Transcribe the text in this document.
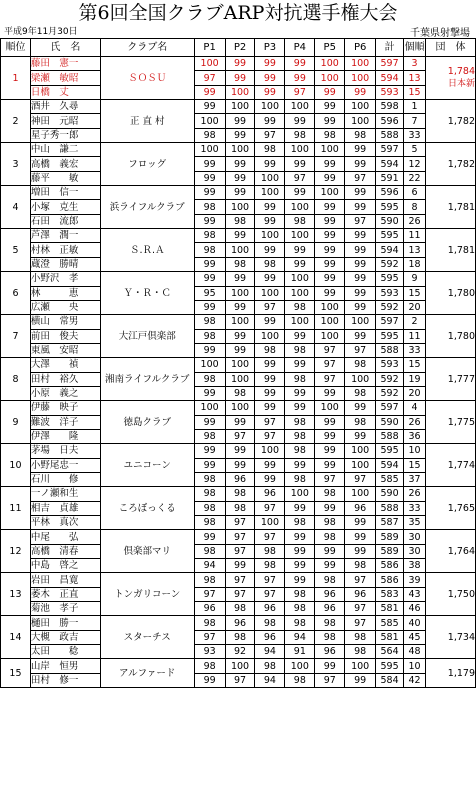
第6回全国クラブARP対抗選手権大会
平成9年11月30日	千葉県射撃場
順位	氏　名	クラブ名	P1	P2	P3	P4	P5	P6	計	個順	団　体
1	藤田　憲一	ＳＯＳＵ	100	99	99	99	100	100	597	3	1,784
日本新

	梁瀬　敏昭		97	99	99	99	100	100	594	13	
	日橋　丈		99	100	99	97	99	99	593	15	
2	酒井　久尋	正 直 村	99	100	100	100	99	100	598	1	1,782
	神田　元昭		100	99	99	99	99	100	596	7	
	星子秀一郎		98	99	97	98	98	98	588	33	
3	中山　謙二	フロッグ	100	100	98	100	100	99	597	5	1,782
	高橋　義宏		99	99	99	99	99	99	594	12	
	藤平　　敏		99	99	100	97	99	97	591	22	
4	増田　信一	浜ライフルクラブ	99	99	100	99	100	99	596	6	1,781
	小塚　克生		98	100	99	100	99	99	595	8	
	石田　流郎		99	98	99	98	99	97	590	26	
5	芦澤　潤一	Ｓ.Ｒ.Ａ	98	99	100	100	99	99	595	11	1,781
	村林　正敏		98	100	99	99	99	99	594	13	
	蔵澄　勝晴		99	98	98	99	99	99	592	18	
6	小野沢　孝	Ｙ・Ｒ・Ｃ	99	99	99	100	99	99	595	9	1,780
	林　　　恵		95	100	100	100	99	99	593	15	
	広瀬　　央		99	99	97	98	100	99	592	20	
7	横山　常男	大江戸倶楽部	98	100	99	100	100	100	597	2	1,780
	前田　俊夫		98	99	100	99	100	99	595	11	
	東風　安昭		99	99	98	98	97	97	588	33	
8	大澤　　禎	湘南ライフルクラブ	100	100	99	99	97	98	593	15	1,777
	田村　裕久		98	100	99	98	97	100	592	19	
	小原　義之		99	98	99	99	99	98	592	20	
9	伊藤　映子	徳島クラブ	100	100	99	99	100	99	597	4	1,775
	難波　洋子		99	99	97	98	99	98	590	26	
	伊澤　　隆		98	97	97	98	99	99	588	36	
10	茅場　日夫	ユニコーン	99	99	100	98	99	100	595	10	1,774
	小野尾忠一		99	99	99	99	99	100	594	15	
	石川　　修		98	96	99	98	97	97	585	37	
11	一ノ瀬和生	ころぼっくる	98	98	96	100	98	100	590	26	1,765
	相吉　貞雄		98	98	97	99	99	96	588	33	
	平林　真次		98	97	100	98	98	99	587	35	
12	中尾　　弘	倶楽部マリ	99	97	97	99	98	99	589	30	1,764
	高橋　清春		98	97	98	99	99	99	589	30	
	中島　啓之		94	99	98	99	99	98	586	38	
13	岩田　昌寛	トンガリコーン	98	97	97	99	98	97	586	39	1,750
	萎木　正直		97	97	97	98	96	96	583	43	
	菊池　孝子		96	98	96	98	96	97	581	46	
14	樋田　勝一	スターチス	98	96	98	98	98	97	585	40	1,734
	大槻　政吉		97	98	96	94	98	98	581	45	
	太田　　稔		93	92	94	91	96	98	564	48	
15	山岸　恒男	アルファード	98	100	98	100	99	100	595	10	1,179
	田村　修一		99	97	94	98	97	99	584	42	
